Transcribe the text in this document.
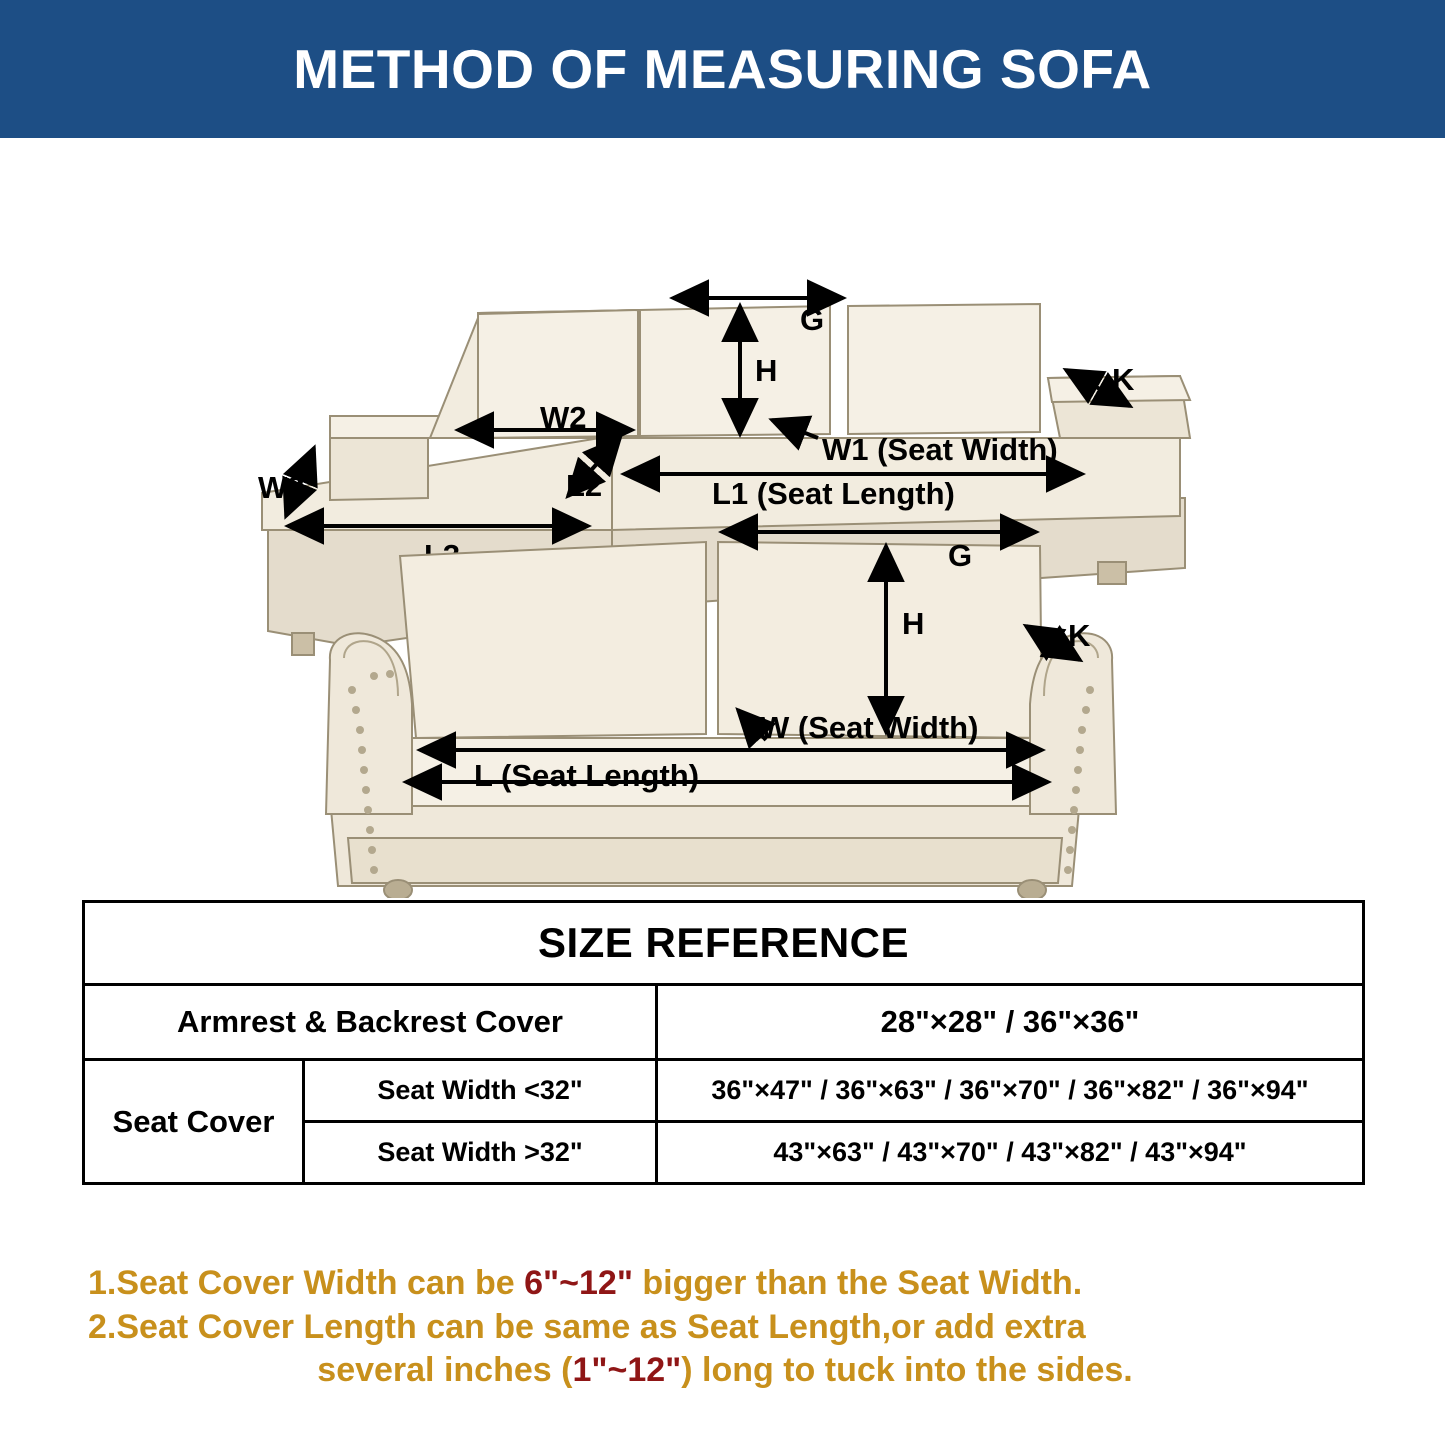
METHOD OF MEASURING SOFA
G
H	K
W2
W1 (Seat Width)
L1 (Seat Length)
L2
W3
G
H	K
W (Seat Width)
L (Seat Length)
SIZE REFERENCE		
Armrest & Backrest Cover		28"×28" / 36"×36"
Seat Cover	Seat Width <32"	36"×47" / 36"×63" / 36"×70" / 36"×82" / 36"×94"
	Seat Width >32"	43"×63" / 43"×70" / 43"×82" / 43"×94"
1.Seat Cover Width can be 6"~12" bigger than the Seat Width.
2.Seat Cover Length can be same as Seat Length,or add extra
several inches (1"~12") long to tuck into the sides.
